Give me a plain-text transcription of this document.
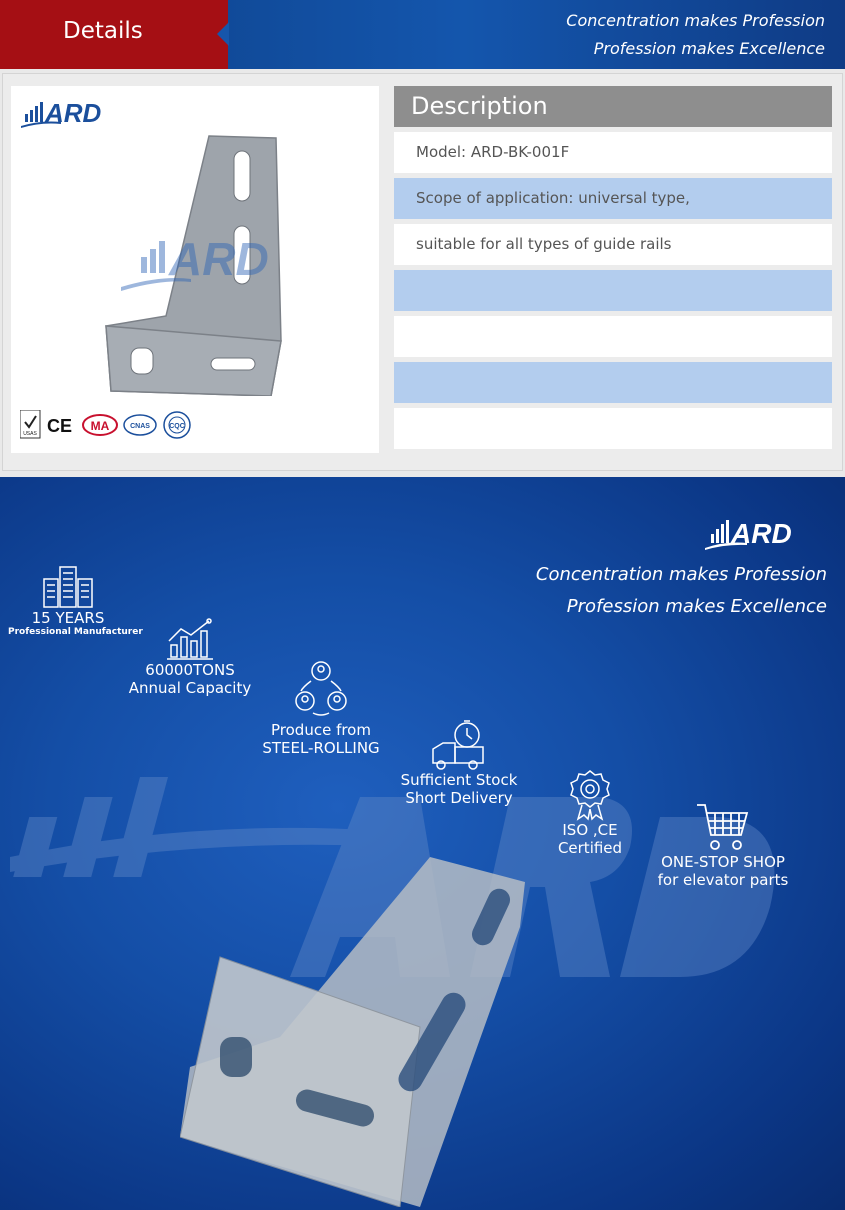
Details	Concentration makes Profession
Profession makes Excellence
ARD
ARD
USAS CE MA	CNAS	CQC
Description
Model: ARD-BK-001F
Scope of application: universal type,
suitable for all types of guide rails
ARD
Concentration makes Profession
Profession makes Excellence
15 YEARS
Professional Manufacturer
60000TONS
Annual Capacity
Produce from
STEEL-ROLLING
Sufficient Stock
Short Delivery
ISO ,CE
Certified
ONE-STOP SHOP
for elevator parts
